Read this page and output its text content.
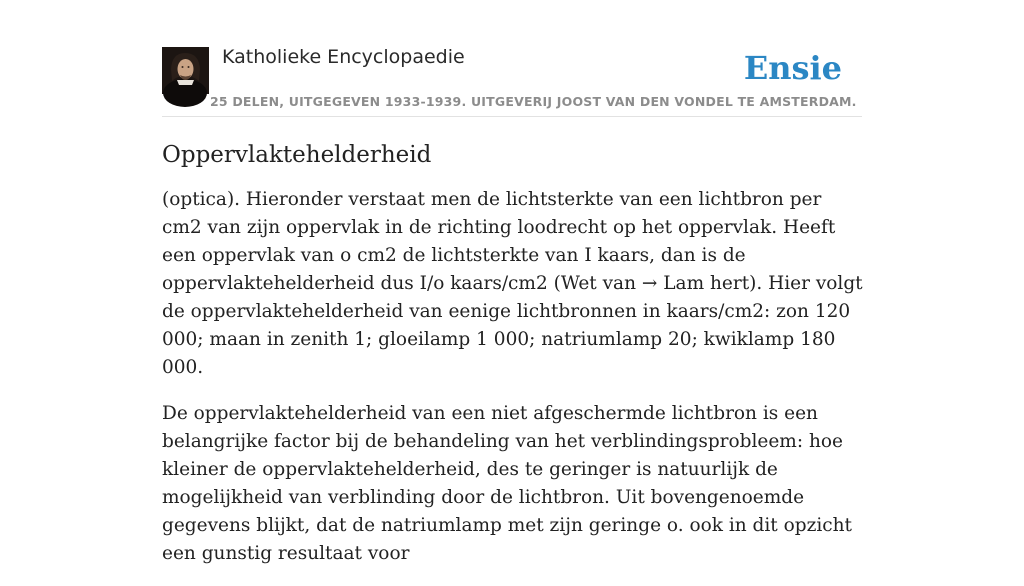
Katholieke Encyclopaedie
25 DELEN, UITGEGEVEN 1933-1939. UITGEVERIJ JOOST VAN DEN VONDEL TE AMSTERDAM.
Ensie
Oppervlaktehelderheid

(optica). Hieronder verstaat men de lichtsterkte van een lichtbron per cm2 van zijn oppervlak in de richting loodrecht op het oppervlak. Heeft een oppervlak van o cm2 de lichtsterkte van I kaars, dan is de oppervlaktehelderheid dus I/o kaars/cm2 (Wet van → Lam hert). Hier volgt de oppervlaktehelderheid van eenige lichtbronnen in kaars/cm2: zon 120 000; maan in zenith 1; gloeilamp 1 000; natriumlamp 20; kwiklamp 180 000.

De oppervlaktehelderheid van een niet afgeschermde lichtbron is een belangrijke factor bij de behandeling van het verblindingsprobleem: hoe kleiner de oppervlaktehelderheid, des te geringer is natuurlijk de mogelijkheid van verblinding door de lichtbron. Uit bovengenoemde gegevens blijkt, dat de natriumlamp met zijn geringe o. ook in dit opzicht een gunstig resultaat voor
